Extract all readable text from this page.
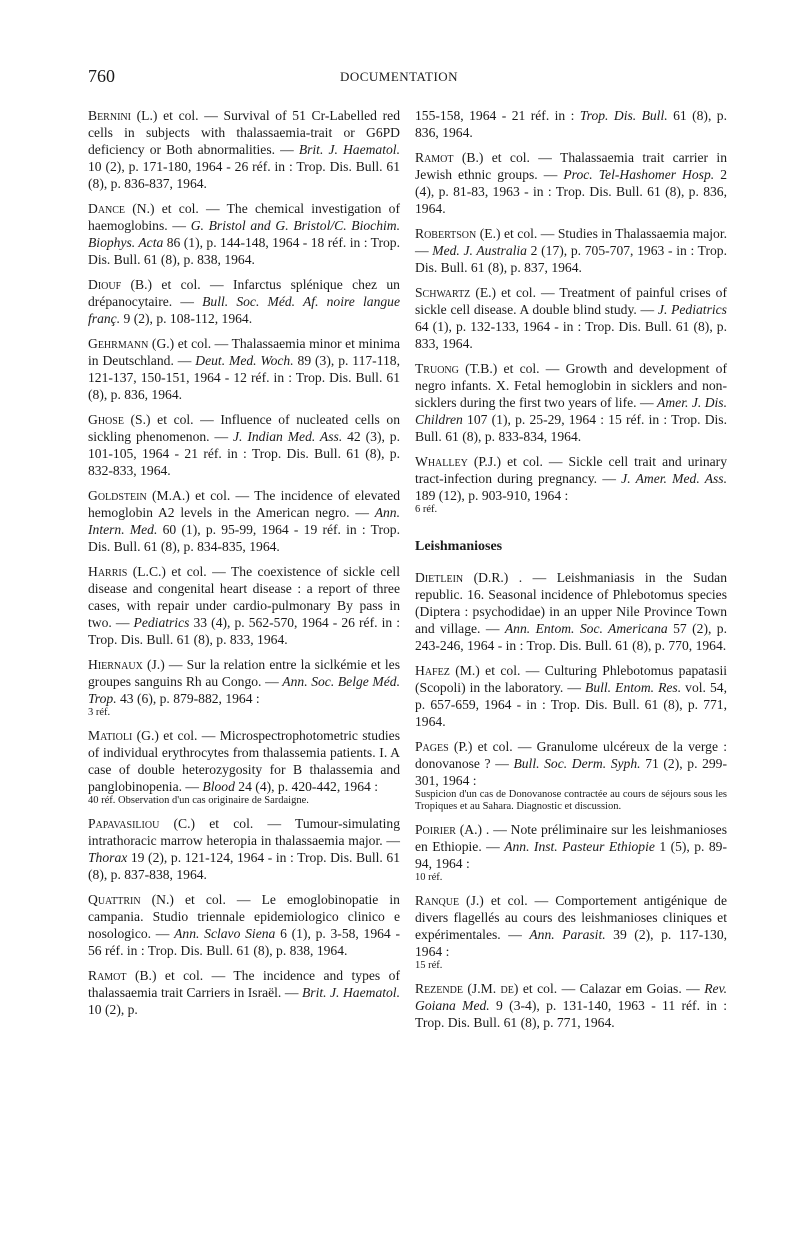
760	DOCUMENTATION

Bernini (L.) et col. — Survival of 51 Cr-Labelled red cells in subjects with thalassaemia-trait or G6PD deficiency or Both abnormalities. — Brit. J. Haematol. 10 (2), p. 171-180, 1964 - 26 réf. in : Trop. Dis. Bull. 61 (8), p. 836-837, 1964.

Dance (N.) et col. — The chemical investigation of haemoglobins. — G. Bristol and G. Bristol/C. Biochim. Biophys. Acta 86 (1), p. 144-148, 1964 - 18 réf. in : Trop. Dis. Bull. 61 (8), p. 838, 1964.

Diouf (B.) et col. — Infarctus splénique chez un drépanocytaire. — Bull. Soc. Méd. Af. noire langue franç. 9 (2), p. 108-112, 1964.

Gehrmann (G.) et col. — Thalassaemia minor et minima in Deutschland. — Deut. Med. Woch. 89 (3), p. 117-118, 121-137, 150-151, 1964 - 12 réf. in : Trop. Dis. Bull. 61 (8), p. 836, 1964.

Ghose (S.) et col. — Influence of nucleated cells on sickling phenomenon. — J. Indian Med. Ass. 42 (3), p. 101-105, 1964 - 21 réf. in : Trop. Dis. Bull. 61 (8), p. 832-833, 1964.

Goldstein (M.A.) et col. — The incidence of elevated hemoglobin A2 levels in the American negro. — Ann. Intern. Med. 60 (1), p. 95-99, 1964 - 19 réf. in : Trop. Dis. Bull. 61 (8), p. 834-835, 1964.

Harris (L.C.) et col. — The coexistence of sickle cell disease and congenital heart disease : a report of three cases, with repair under cardio-pulmonary By pass in two. — Pediatrics 33 (4), p. 562-570, 1964 - 26 réf. in : Trop. Dis. Bull. 61 (8), p. 833, 1964.

Hiernaux (J.) — Sur la relation entre la siclkémie et les groupes sanguins Rh au Congo. — Ann. Soc. Belge Méd. Trop. 43 (6), p. 879-882, 1964 :
3 réf.

Matioli (G.) et col. — Microspectrophotometric studies of individual erythrocytes from thalassemia patients. I. A case of double heterozygosity for B thalassemia and panglobinopenia. — Blood 24 (4), p. 420-442, 1964 :
40 réf. Observation d'un cas originaire de Sardaigne.

Papavasiliou (C.) et col. — Tumour-simulating intrathoracic marrow heteropia in thalassaemia major. — Thorax 19 (2), p. 121-124, 1964 - in : Trop. Dis. Bull. 61 (8), p. 837-838, 1964.

Quattrin (N.) et col. — Le emoglobinopatie in campania. Studio triennale epidemiologico clinico e nosologico. — Ann. Sclavo Siena 6 (1), p. 3-58, 1964 - 56 réf. in : Trop. Dis. Bull. 61 (8), p. 838, 1964.

Ramot (B.) et col. — The incidence and types of thalassaemia trait Carriers in Israël. — Brit. J. Haematol. 10 (2), p.

155-158, 1964 - 21 réf. in : Trop. Dis. Bull. 61 (8), p. 836, 1964.

Ramot (B.) et col. — Thalassaemia trait carrier in Jewish ethnic groups. — Proc. Tel-Hashomer Hosp. 2 (4), p. 81-83, 1963 - in : Trop. Dis. Bull. 61 (8), p. 836, 1964.

Robertson (E.) et col. — Studies in Thalassaemia major. — Med. J. Australia 2 (17), p. 705-707, 1963 - in : Trop. Dis. Bull. 61 (8), p. 837, 1964.

Schwartz (E.) et col. — Treatment of painful crises of sickle cell disease. A double blind study. — J. Pediatrics 64 (1), p. 132-133, 1964 - in : Trop. Dis. Bull. 61 (8), p. 833, 1964.

Truong (T.B.) et col. — Growth and development of negro infants. X. Fetal hemoglobin in sicklers and non-sicklers during the first two years of life. — Amer. J. Dis. Children 107 (1), p. 25-29, 1964 : 15 réf. in : Trop. Dis. Bull. 61 (8), p. 833-834, 1964.

Whalley (P.J.) et col. — Sickle cell trait and urinary tract-infection during pregnancy. — J. Amer. Med. Ass. 189 (12), p. 903-910, 1964 :
6 réf.

Leishmanioses

Dietlein (D.R.) . — Leishmaniasis in the Sudan republic. 16. Seasonal incidence of Phlebotomus species (Diptera : psychodidae) in an upper Nile Province Town and village. — Ann. Entom. Soc. Americana 57 (2), p. 243-246, 1964 - in : Trop. Dis. Bull. 61 (8), p. 770, 1964.

Hafez (M.) et col. — Culturing Phlebotomus papatasii (Scopoli) in the laboratory. — Bull. Entom. Res. vol. 54, p. 657-659, 1964 - in : Trop. Dis. Bull. 61 (8), p. 771, 1964.

Pages (P.) et col. — Granulome ulcéreux de la verge : donovanose ? — Bull. Soc. Derm. Syph. 71 (2), p. 299-301, 1964 :
Suspicion d'un cas de Donovanose contractée au cours de séjours sous les Tropiques et au Sahara. Diagnostic et discussion.

Poirier (A.) . — Note préliminaire sur les leishmanioses en Ethiopie. — Ann. Inst. Pasteur Ethiopie 1 (5), p. 89-94, 1964 :
10 réf.

Ranque (J.) et col. — Comportement antigénique de divers flagellés au cours des leishmanioses cliniques et expérimentales. — Ann. Parasit. 39 (2), p. 117-130, 1964 :
15 réf.

Rezende (J.M. de) et col. — Calazar em Goias. — Rev. Goiana Med. 9 (3-4), p. 131-140, 1963 - 11 réf. in : Trop. Dis. Bull. 61 (8), p. 771, 1964.
